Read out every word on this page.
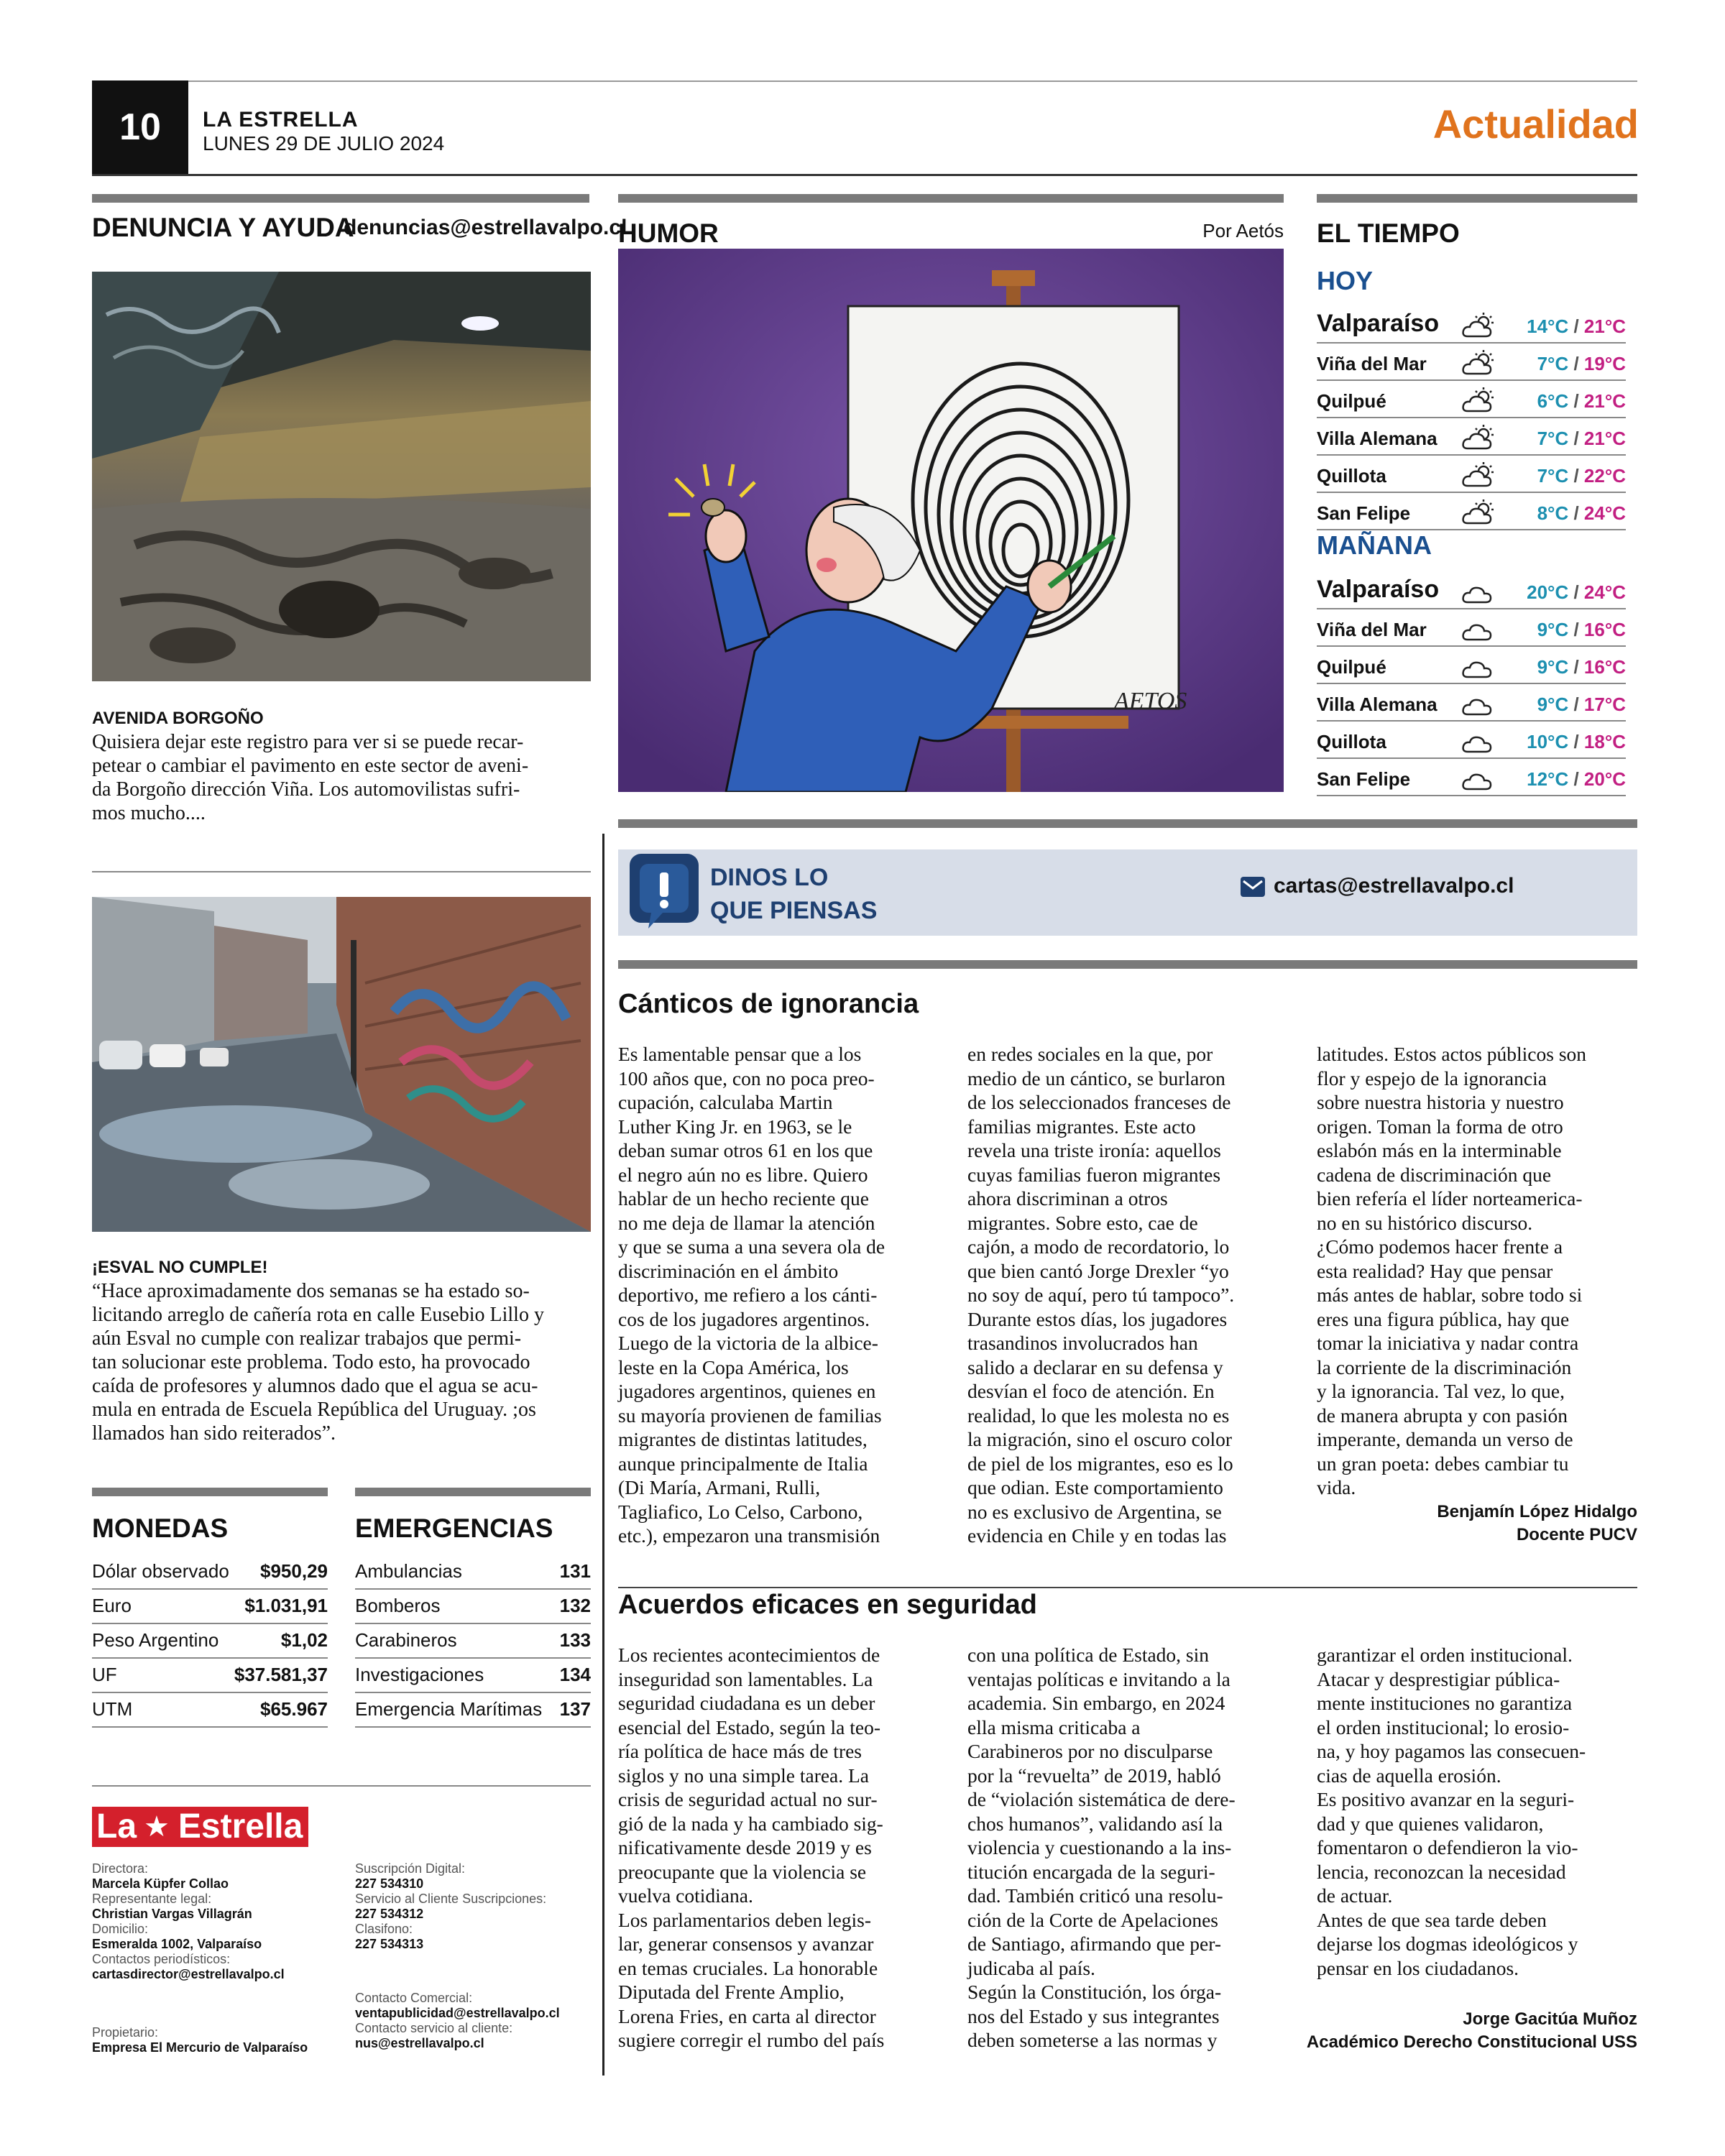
10	LA ESTRELLA
LUNES 29 DE JULIO 2024	Actualidad
DENUNCIA Y AYUDA
denuncias@estrellavalpo.cl
AVENIDA BORGOÑO
Quisiera dejar este registro para ver si se puede recar-
petear o cambiar el pavimento en este sector de aveni-
da Borgoño dirección Viña. Los automovilistas sufri-
mos mucho....
¡ESVAL NO CUMPLE!
“Hace aproximadamente dos semanas se ha estado so-
licitando arreglo de cañería rota en calle Eusebio Lillo y
aún Esval no cumple con realizar trabajos que permi-
tan solucionar este problema. Todo esto, ha provocado
caída de profesores y alumnos dado que el agua se acu-
mula en entrada de Escuela República del Uruguay. ;os
llamados han sido reiterados”.
MONEDAS
Dólar observado $950,29
Euro	$1.031,91
Peso Argentino	$1,02
UF	$37.581,37
UTM	$65.967
EMERGENCIAS
Ambulancias	131
Bomberos	132
Carabineros	133
Investigaciones	134
Emergencia Marítimas 137
La ★ Estrella
Directora:
Marcela Küpfer Collao
Representante legal:
Christian Vargas Villagrán
Domicilio:
Esmeralda 1002, Valparaíso
Contactos periodísticos:
cartasdirector@estrellavalpo.cl
Propietario:
Empresa El Mercurio de Valparaíso
Suscripción Digital:
227 534310
Servicio al Cliente Suscripciones:
227 534312
Clasifono:
227 534313
Contacto Comercial:
ventapublicidad@estrellavalpo.cl
Contacto servicio al cliente:
nus@estrellavalpo.cl
HUMOR	Por Aetós
AETOS
EL TIEMPO
HOY
Valparaíso	14°C / 21°C
Viña del Mar	7°C / 19°C
Quilpué	6°C / 21°C
Villa Alemana	7°C / 21°C
Quillota	7°C / 22°C
San Felipe	8°C / 24°C
MAÑANA
Valparaíso	20°C / 24°C
Viña del Mar	9°C / 16°C
Quilpué	9°C / 16°C
Villa Alemana	9°C / 17°C
Quillota	10°C / 18°C
San Felipe	12°C / 20°C
DINOS LO
QUE PIENSAS
cartas@estrellavalpo.cl
Cánticos de ignorancia
Es lamentable pensar que a los
100 años que, con no poca preo-
cupación, calculaba Martin
Luther King Jr. en 1963, se le
deban sumar otros 61 en los que
el negro aún no es libre. Quiero
hablar de un hecho reciente que
no me deja de llamar la atención
y que se suma a una severa ola de
discriminación en el ámbito
deportivo, me refiero a los cánti-
cos de los jugadores argentinos.
Luego de la victoria de la albice-
leste en la Copa América, los
jugadores argentinos, quienes en
su mayoría provienen de familias
migrantes de distintas latitudes,
aunque principalmente de Italia
(Di María, Armani, Rulli,
Tagliafico, Lo Celso, Carbono,
etc.), empezaron una transmisión
en redes sociales en la que, por
medio de un cántico, se burlaron
de los seleccionados franceses de
familias migrantes. Este acto
revela una triste ironía: aquellos
cuyas familias fueron migrantes
ahora discriminan a otros
migrantes. Sobre esto, cae de
cajón, a modo de recordatorio, lo
que bien cantó Jorge Drexler “yo
no soy de aquí, pero tú tampoco”.
Durante estos días, los jugadores
trasandinos involucrados han
salido a declarar en su defensa y
desvían el foco de atención. En
realidad, lo que les molesta no es
la migración, sino el oscuro color
de piel de los migrantes, eso es lo
que odian. Este comportamiento
no es exclusivo de Argentina, se
evidencia en Chile y en todas las
latitudes. Estos actos públicos son
flor y espejo de la ignorancia
sobre nuestra historia y nuestro
origen. Toman la forma de otro
eslabón más en la interminable
cadena de discriminación que
bien refería el líder norteamerica-
no en su histórico discurso.
¿Cómo podemos hacer frente a
esta realidad? Hay que pensar
más antes de hablar, sobre todo si
eres una figura pública, hay que
tomar la iniciativa y nadar contra
la corriente de la discriminación
y la ignorancia. Tal vez, lo que,
de manera abrupta y con pasión
imperante, demanda un verso de
un gran poeta: debes cambiar tu
vida.
Benjamín López Hidalgo
Docente PUCV
Acuerdos eficaces en seguridad
Los recientes acontecimientos de
inseguridad son lamentables. La
seguridad ciudadana es un deber
esencial del Estado, según la teo-
ría política de hace más de tres
siglos y no una simple tarea. La
crisis de seguridad actual no sur-
gió de la nada y ha cambiado sig-
nificativamente desde 2019 y es
preocupante que la violencia se
vuelva cotidiana.
Los parlamentarios deben legis-
lar, generar consensos y avanzar
en temas cruciales. La honorable
Diputada del Frente Amplio,
Lorena Fries, en carta al director
sugiere corregir el rumbo del país
con una política de Estado, sin
ventajas políticas e invitando a la
academia. Sin embargo, en 2024
ella misma criticaba a
Carabineros por no disculparse
por la “revuelta” de 2019, habló
de “violación sistemática de dere-
chos humanos”, validando así la
violencia y cuestionando a la ins-
titución encargada de la seguri-
dad. También criticó una resolu-
ción de la Corte de Apelaciones
de Santiago, afirmando que per-
judicaba al país.
Según la Constitución, los órga-
nos del Estado y sus integrantes
deben someterse a las normas y
garantizar el orden institucional.
Atacar y desprestigiar pública-
mente instituciones no garantiza
el orden institucional; lo erosio-
na, y hoy pagamos las consecuen-
cias de aquella erosión.
Es positivo avanzar en la seguri-
dad y que quienes validaron,
fomentaron o defendieron la vio-
lencia, reconozcan la necesidad
de actuar.
Antes de que sea tarde deben
dejarse los dogmas ideológicos y
pensar en los ciudadanos.
Jorge Gacitúa Muñoz
Académico Derecho Constitucional USS
